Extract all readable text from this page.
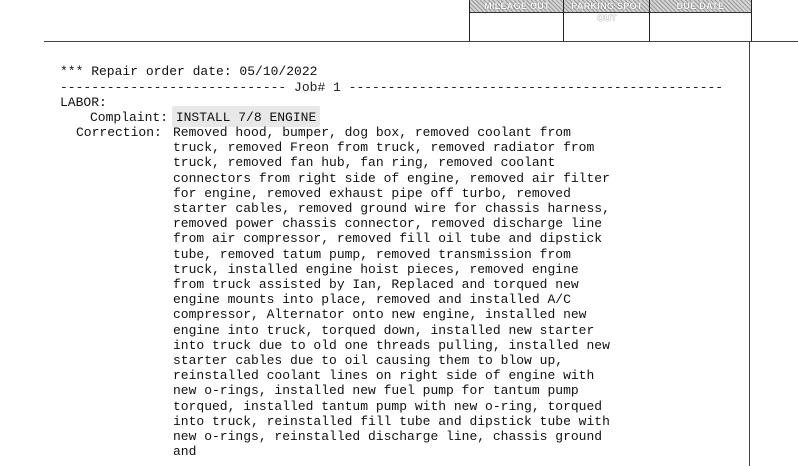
MILEAGE OUT	PARKING SPOT OUT
DUE DATE
*** Repair order date: 05/10/2022
----------------------------- Job# 1 ------------------------------------------------
LABOR:
Complaint: INSTALL 7/8 ENGINE
Correction: Removed hood, bumper, dog box, removed coolant from truck, removed Freon from truck, removed radiator from truck, removed fan hub, fan ring, removed coolant connectors from right side of engine, removed air filter for engine, removed exhaust pipe off turbo, removed starter cables, removed ground wire for chassis harness, removed power chassis connector, removed discharge line from air compressor, removed fill oil tube and dipstick tube, removed tatum pump, removed transmission from truck, installed engine hoist pieces, removed engine from truck assisted by Ian, Replaced and torqued new engine mounts into place, removed and installed A/C compressor, Alternator onto new engine, installed new engine into truck, torqued down, installed new starter into truck due to old one threads pulling, installed new starter cables due to oil causing them to blow up, reinstalled coolant lines on right side of engine with new o-rings, installed new fuel pump for tantum pump torqued, installed tantum pump with new o-ring, torqued into truck, reinstalled fill tube and dipstick tube with new o-rings, reinstalled discharge line, chassis ground and
